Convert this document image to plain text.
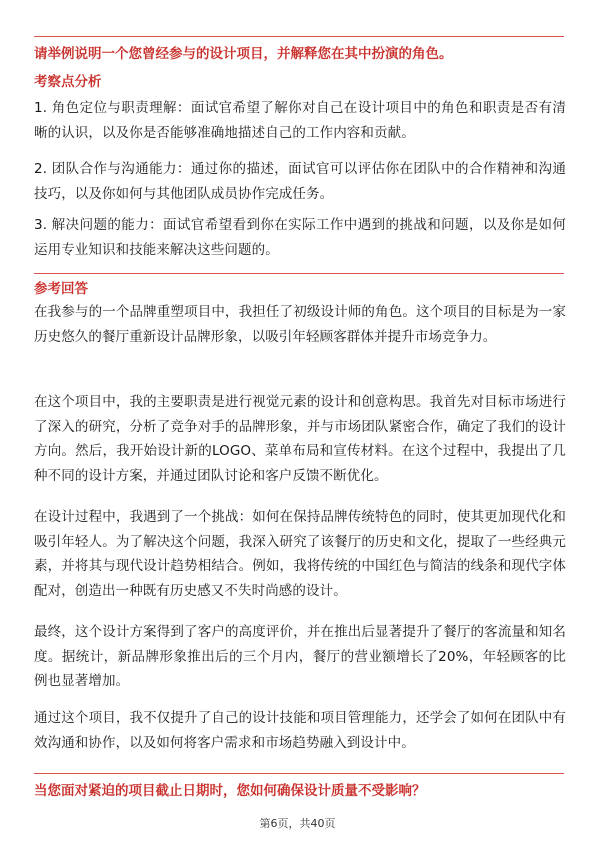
请举例说明一个您曾经参与的设计项目，并解释您在其中扮演的角色。
考察点分析
1. 角色定位与职责理解：面试官希望了解你对自己在设计项目中的角色和职责是否有清晰的认识，以及你是否能够准确地描述自己的工作内容和贡献。
2. 团队合作与沟通能力：通过你的描述，面试官可以评估你在团队中的合作精神和沟通技巧，以及你如何与其他团队成员协作完成任务。
3. 解决问题的能力：面试官希望看到你在实际工作中遇到的挑战和问题，以及你是如何运用专业知识和技能来解决这些问题的。
参考回答
在我参与的一个品牌重塑项目中，我担任了初级设计师的角色。这个项目的目标是为一家历史悠久的餐厅重新设计品牌形象，以吸引年轻顾客群体并提升市场竞争力。
在这个项目中，我的主要职责是进行视觉元素的设计和创意构思。我首先对目标市场进行了深入的研究，分析了竞争对手的品牌形象，并与市场团队紧密合作，确定了我们的设计方向。然后，我开始设计新的LOGO、菜单布局和宣传材料。在这个过程中，我提出了几种不同的设计方案，并通过团队讨论和客户反馈不断优化。
在设计过程中，我遇到了一个挑战：如何在保持品牌传统特色的同时，使其更加现代化和吸引年轻人。为了解决这个问题，我深入研究了该餐厅的历史和文化，提取了一些经典元素，并将其与现代设计趋势相结合。例如，我将传统的中国红色与简洁的线条和现代字体配对，创造出一种既有历史感又不失时尚感的设计。
最终，这个设计方案得到了客户的高度评价，并在推出后显著提升了餐厅的客流量和知名度。据统计，新品牌形象推出后的三个月内，餐厅的营业额增长了20%，年轻顾客的比例也显著增加。
通过这个项目，我不仅提升了自己的设计技能和项目管理能力，还学会了如何在团队中有效沟通和协作，以及如何将客户需求和市场趋势融入到设计中。
当您面对紧迫的项目截止日期时，您如何确保设计质量不受影响？
第6页，共40页
